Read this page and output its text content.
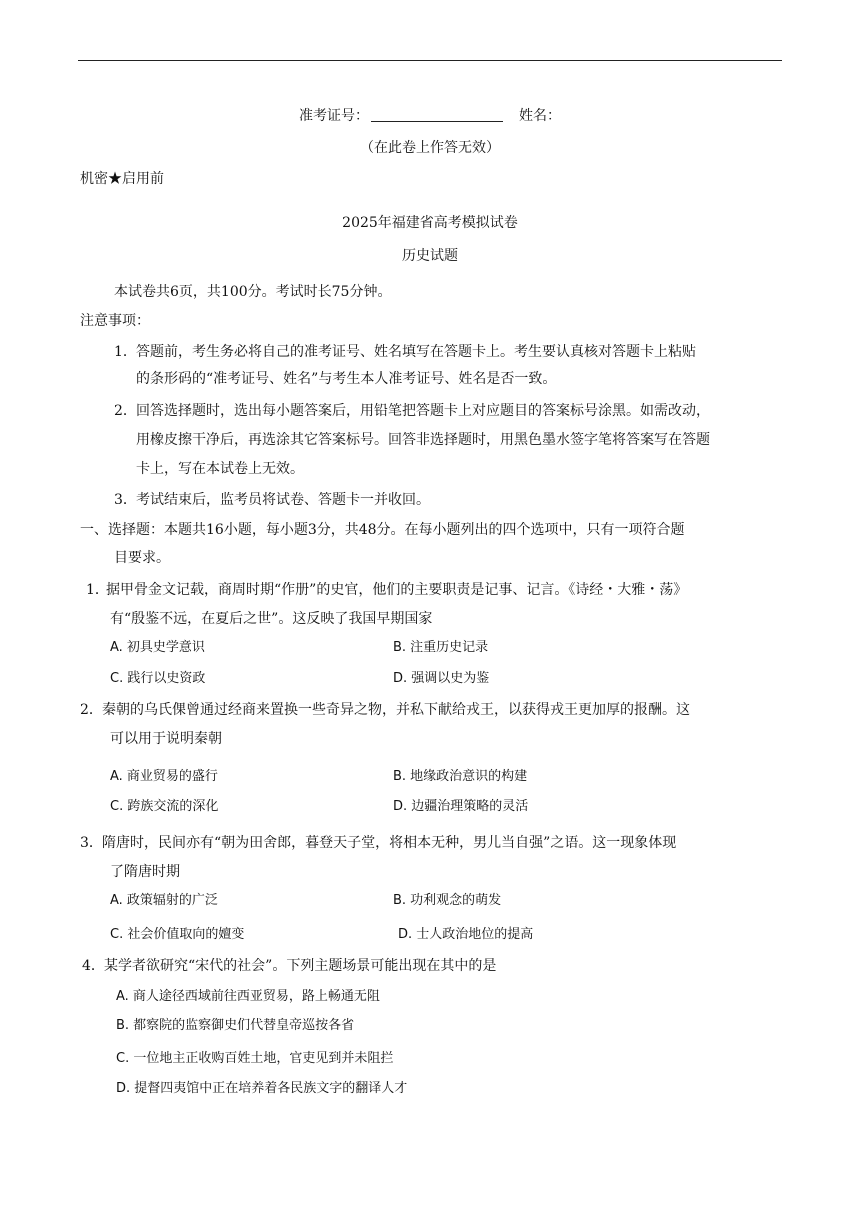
准考证号：	姓名：
（在此卷上作答无效）
机密★启用前
2025年福建省高考模拟试卷
历史试题
本试卷共6页，共100分。考试时长75分钟。
注意事项：
1． 答题前，考生务必将自己的准考证号、姓名填写在答题卡上。考生要认真核对答题卡上粘贴
的条形码的“准考证号、姓名”与考生本人准考证号、姓名是否一致。
2． 回答选择题时，选出每小题答案后，用铅笔把答题卡上对应题目的答案标号涂黑。如需改动，
用橡皮擦干净后，再选涂其它答案标号。回答非选择题时，用黑色墨水签字笔将答案写在答题
卡上，写在本试卷上无效。
3． 考试结束后，监考员将试卷、答题卡一并收回。
一、选择题：本题共16小题，每小题3分，共48分。在每小题列出的四个选项中，只有一项符合题
目要求。
1．
据甲骨金文记载，商周时期“作册”的史官，他们的主要职责是记事、记言。《诗经・大雅・荡》
有“殷鉴不远，在夏后之世”。这反映了我国早期国家
A. 初具史学意识	B. 注重历史记录
C. 践行以史资政	D. 强调以史为鉴
2． 秦朝的乌氏倮曾通过经商来置换一些奇异之物，并私下献给戎王，以获得戎王更加厚的报酬。这
可以用于说明秦朝
A. 商业贸易的盛行	B. 地缘政治意识的构建
C. 跨族交流的深化	D. 边疆治理策略的灵活
3． 隋唐时，民间亦有“朝为田舍郎，暮登天子堂，将相本无种，男儿当自强”之语。这一现象体现
了隋唐时期
A. 政策辐射的广泛	B. 功利观念的萌发
C. 社会价值取向的嬗变	D. 士人政治地位的提高
4． 某学者欲研究“宋代的社会”。下列主题场景可能出现在其中的是
A. 商人途径西域前往西亚贸易，路上畅通无阻
B. 都察院的监察御史们代替皇帝巡按各省
C. 一位地主正收购百姓土地，官吏见到并未阻拦
D. 提督四夷馆中正在培养着各民族文字的翻译人才
